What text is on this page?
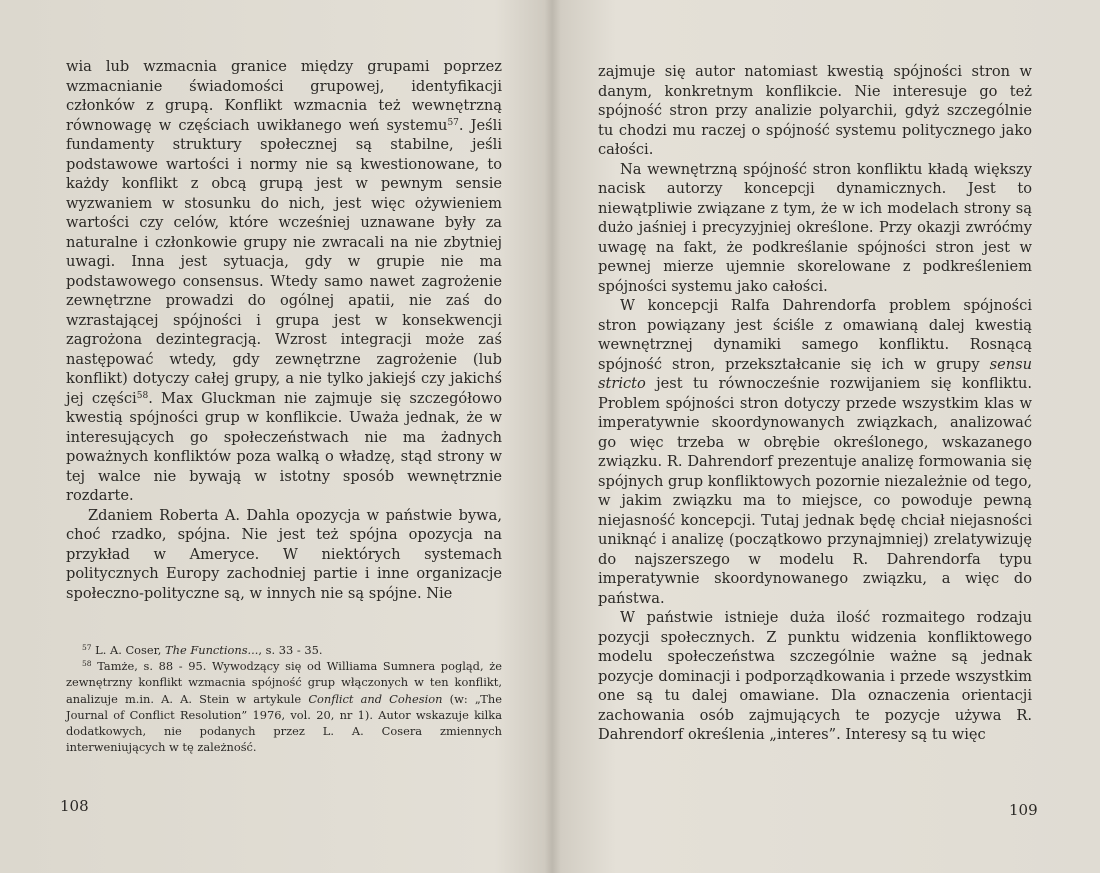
wia lub wzmacnia granice między grupami poprzez wzmacnianie świadomości grupowej, identyfikacji członków z grupą. Konflikt wzmacnia też wewnętrzną równowagę w częściach uwikłanego weń systemu$^{57}$. Jeśli fundamenty struktury społecznej są stabilne, jeśli podstawowe wartości i normy nie są kwestionowane, to każdy konflikt z obcą grupą jest w pewnym sensie wyzwaniem w stosunku do nich, jest więc ożywieniem wartości czy celów, które wcześniej uznawane były za naturalne i członkowie grupy nie zwracali na nie zbytniej uwagi. Inna jest sytuacja, gdy w grupie nie ma podstawowego consensus. Wtedy samo nawet zagrożenie zewnętrzne prowadzi do ogólnej apatii, nie zaś do wzrastającej spójności i grupa jest w konsekwencji zagrożona dezintegracją. Wzrost integracji może zaś następować wtedy, gdy zewnętrzne zagrożenie (lub konflikt) dotyczy całej grupy, a nie tylko jakiejś czy jakichś jej części$^{58}$. Max Gluckman nie zajmuje się szczegółowo kwestią spójności grup w konflikcie. Uważa jednak, że w interesujących go społeczeństwach nie ma żadnych poważnych konfliktów poza walką o władzę, stąd strony w tej walce nie bywają w istotny sposób wewnętrznie rozdarte.

Zdaniem Roberta A. Dahla opozycja w państwie bywa, choć rzadko, spójna. Nie jest też spójna opozycja na przykład w Ameryce. W niektórych systemach politycznych Europy zachodniej partie i inne organizacje społeczno-polityczne są, w innych nie są spójne. Nie

$^{57}$ L. A. Coser, The Functions..., s. 33 - 35.

$^{58}$ Tamże, s. 88 - 95. Wywodzący się od Williama Sumnera pogląd, że zewnętrzny konflikt wzmacnia spójność grup włączonych w ten konflikt, analizuje m.in. A. A. Stein w artykule Conflict and Cohesion (w: „The Journal of Conflict Resolution” 1976, vol. 20, nr 1). Autor wskazuje kilka dodatkowych, nie podanych przez L. A. Cosera zmiennych interweniujących w tę zależność.

108

zajmuje się autor natomiast kwestią spójności stron w danym, konkretnym konflikcie. Nie interesuje go też spójność stron przy analizie polyarchii, gdyż szczególnie tu chodzi mu raczej o spójność systemu politycznego jako całości.

Na wewnętrzną spójność stron konfliktu kładą większy nacisk autorzy koncepcji dynamicznych. Jest to niewątpliwie związane z tym, że w ich modelach strony są dużo jaśniej i precyzyjniej określone. Przy okazji zwróćmy uwagę na fakt, że podkreślanie spójności stron jest w pewnej mierze ujemnie skorelowane z podkreśleniem spójności systemu jako całości.

W koncepcji Ralfa Dahrendorfa problem spójności stron powiązany jest ściśle z omawianą dalej kwestią wewnętrznej dynamiki samego konfliktu. Rosnącą spójność stron, przekształcanie się ich w grupy sensu stricto jest tu równocześnie rozwijaniem się konfliktu. Problem spójności stron dotyczy przede wszystkim klas w imperatywnie skoordynowanych związkach, analizować go więc trzeba w obrębie określonego, wskazanego związku. R. Dahrendorf prezentuje analizę formowania się spójnych grup konfliktowych pozornie niezależnie od tego, w jakim związku ma to miejsce, co powoduje pewną niejasność koncepcji. Tutaj jednak będę chciał niejasności uniknąć i analizę (początkowo przynajmniej) zrelatywizuję do najszerszego w modelu R. Dahrendorfa typu imperatywnie skoordynowanego związku, a więc do państwa.

W państwie istnieje duża ilość rozmaitego rodzaju pozycji społecznych. Z punktu widzenia konfliktowego modelu społeczeństwa szczególnie ważne są jednak pozycje dominacji i podporządkowania i przede wszystkim one są tu dalej omawiane. Dla oznaczenia orientacji zachowania osób zajmujących te pozycje używa R. Dahrendorf określenia „interes”. Interesy są tu więc

109
